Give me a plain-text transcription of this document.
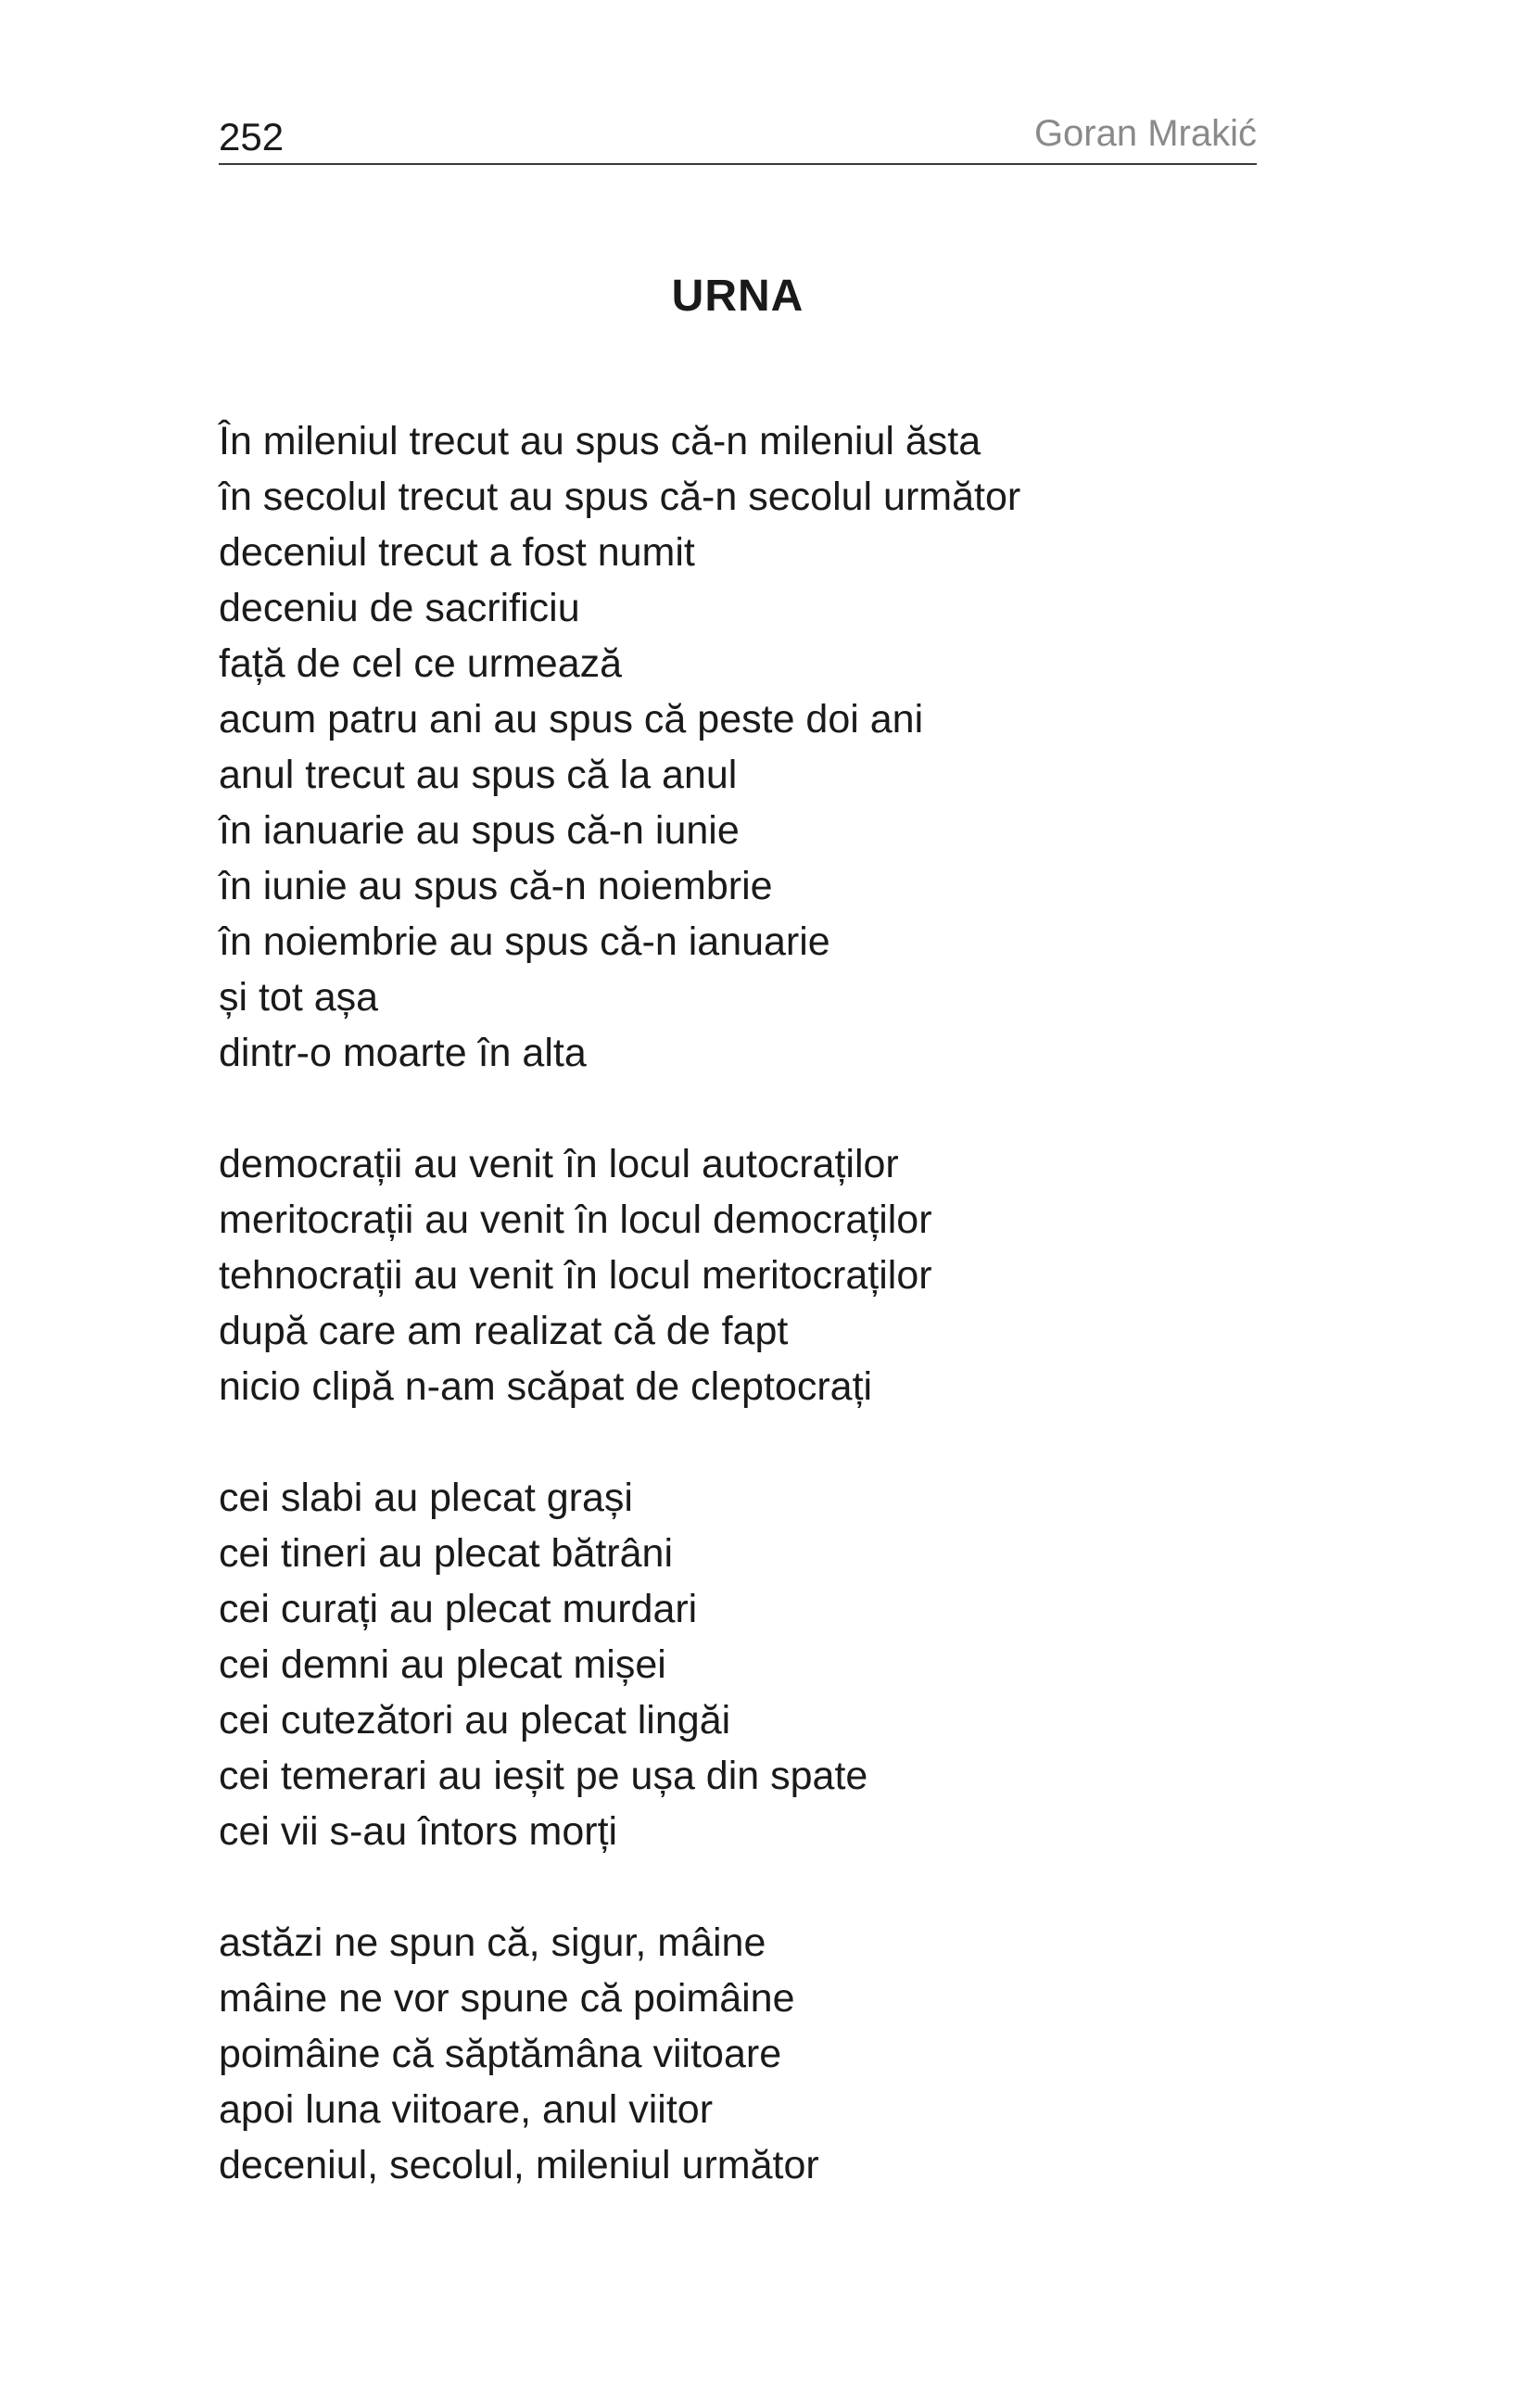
252	Goran Mrakić
URNA
În mileniul trecut au spus că-n mileniul ăsta
în secolul trecut au spus că-n secolul următor
deceniul trecut a fost numit
deceniu de sacrificiu
față de cel ce urmează
acum patru ani au spus că peste doi ani
anul trecut au spus că la anul
în ianuarie au spus că-n iunie
în iunie au spus că-n noiembrie
în noiembrie au spus că-n ianuarie
și tot așa
dintr-o moarte în alta
democrații au venit în locul autocraților
meritocrații au venit în locul democraților
tehnocrații au venit în locul meritocraților
după care am realizat că de fapt
nicio clipă n-am scăpat de cleptocrați
cei slabi au plecat grași
cei tineri au plecat bătrâni
cei curați au plecat murdari
cei demni au plecat mișei
cei cutezători au plecat lingăi
cei temerari au ieșit pe ușa din spate
cei vii s-au întors morți
astăzi ne spun că, sigur, mâine
mâine ne vor spune că poimâine
poimâine că săptămâna viitoare
apoi luna viitoare, anul viitor
deceniul, secolul, mileniul următor
